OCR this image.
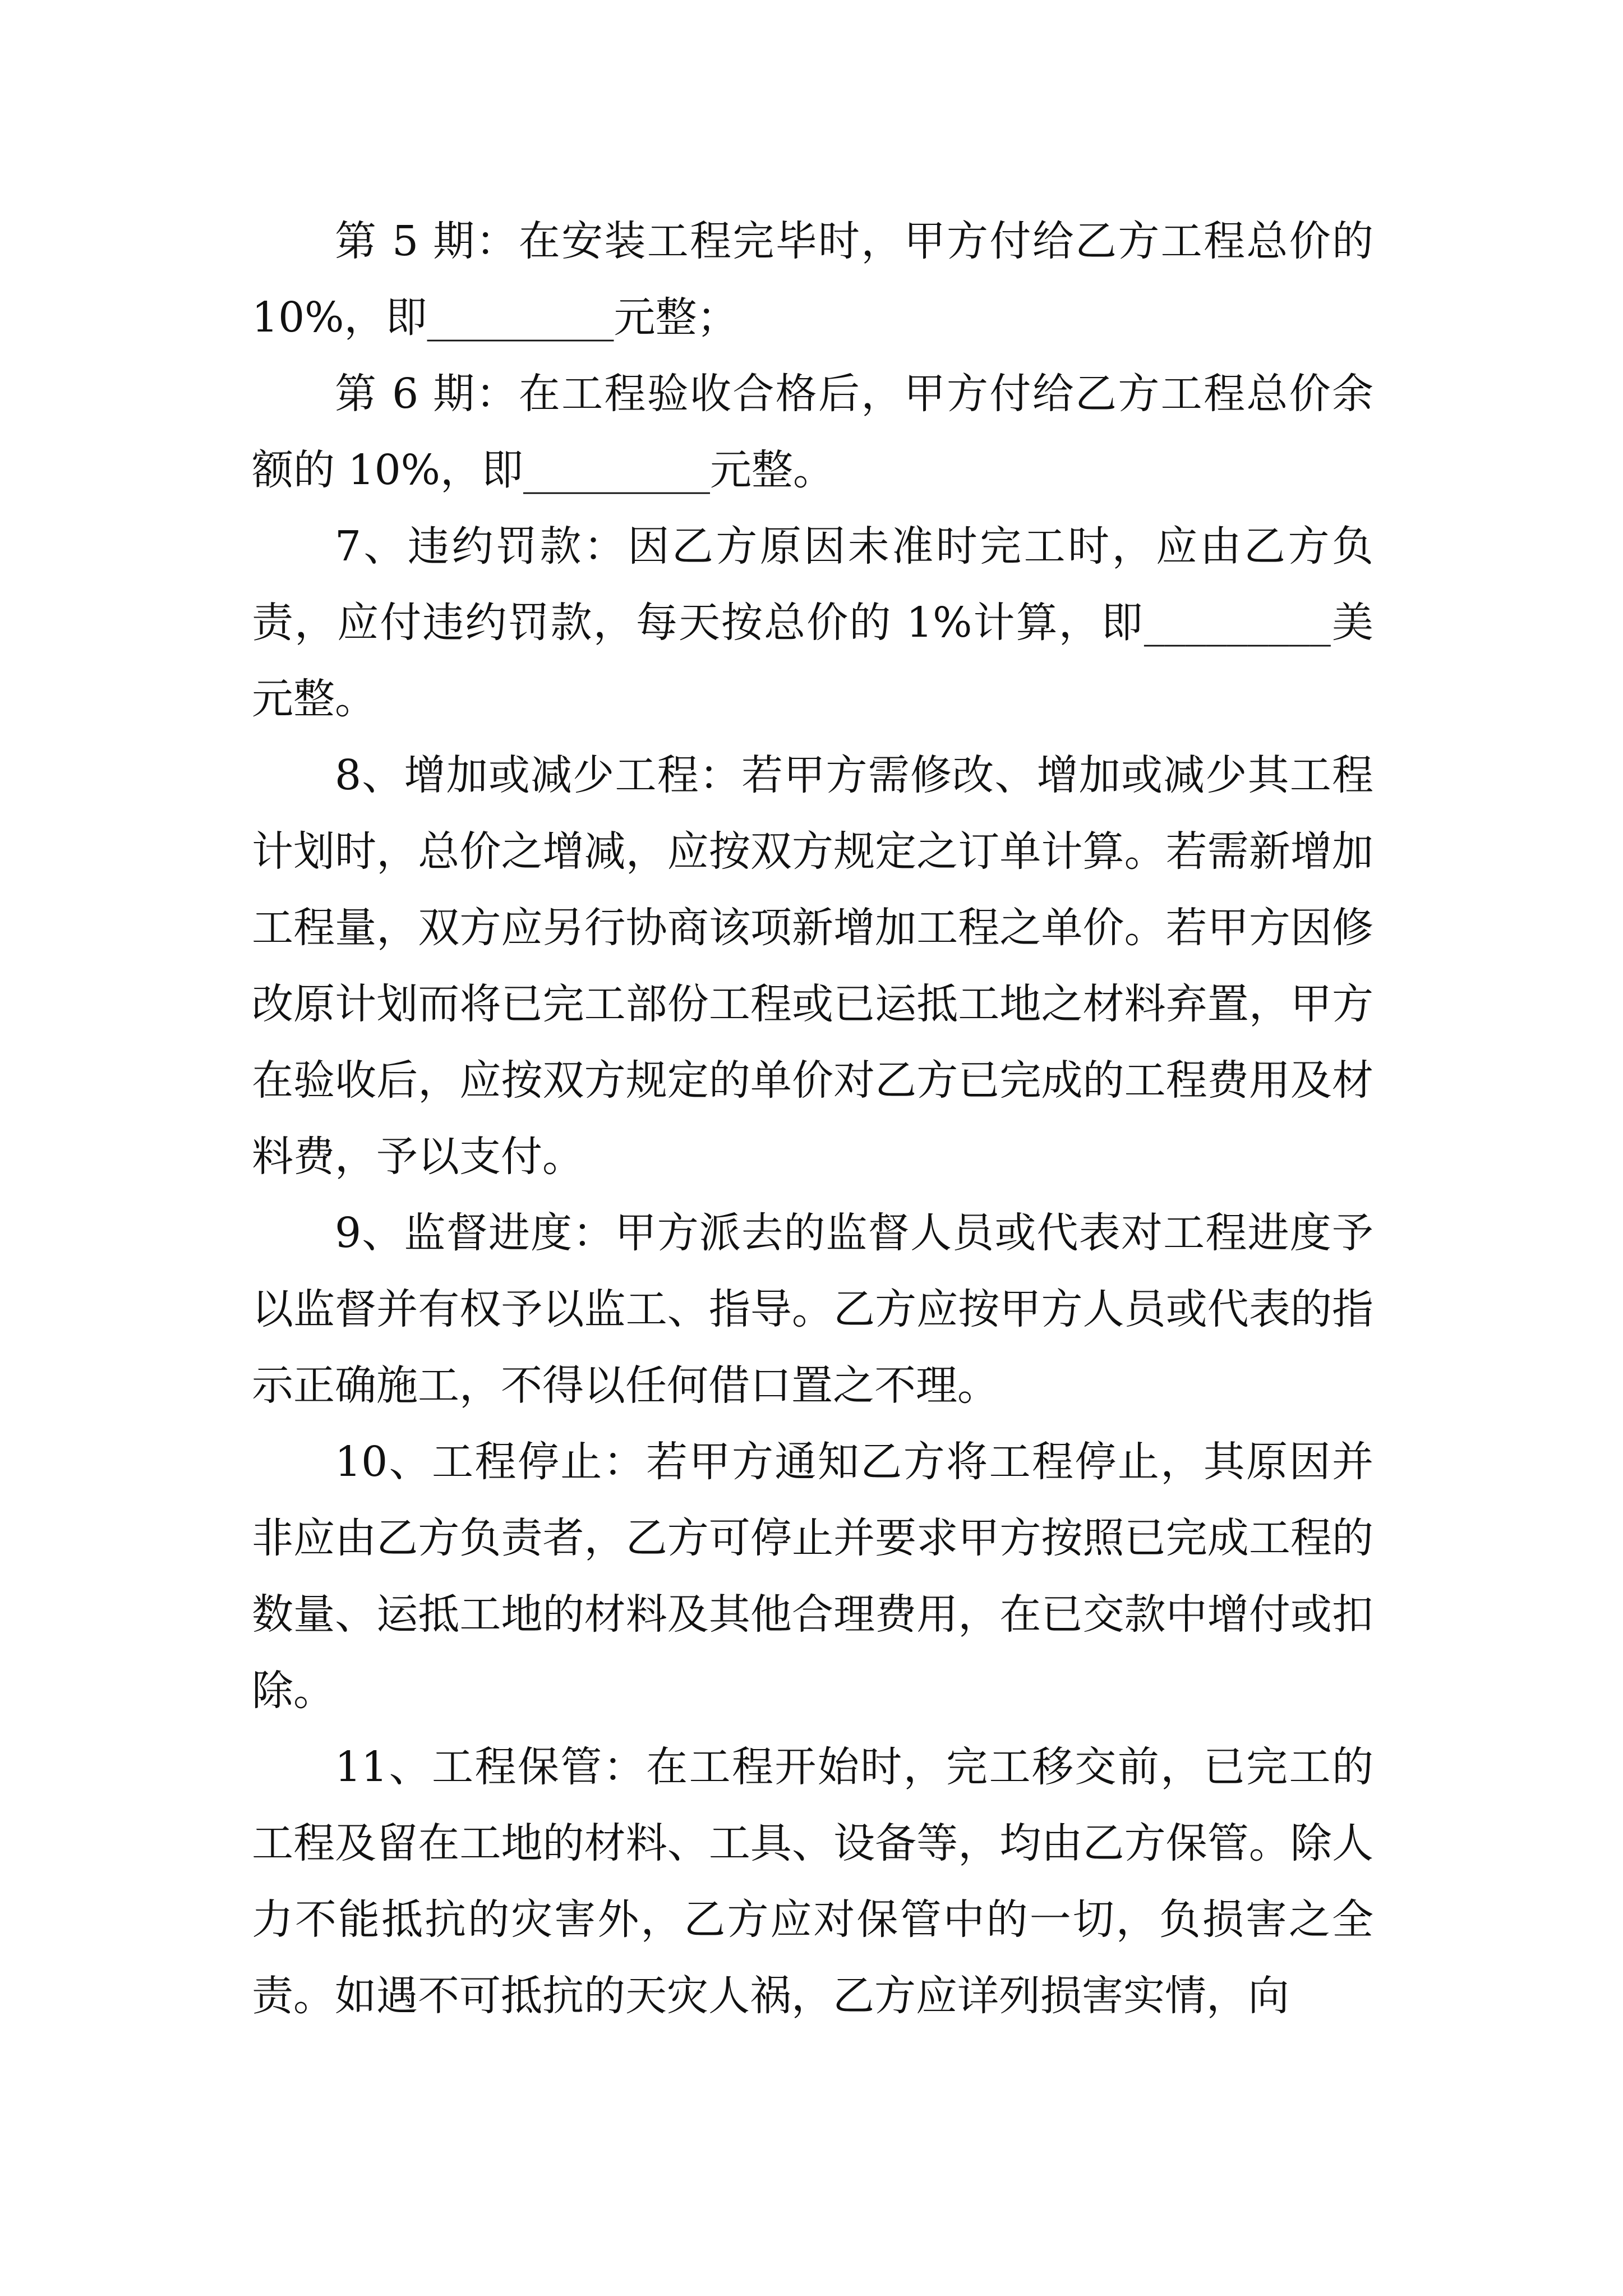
第 5 期：在安装工程完毕时，甲方付给乙方工程总价的 10%，即_________元整；

第 6 期：在工程验收合格后，甲方付给乙方工程总价余额的 10%，即_________元整。

7、违约罚款：因乙方原因未准时完工时，应由乙方负责，应付违约罚款，每天按总价的 1%计算，即_________美元整。

8、增加或减少工程：若甲方需修改、增加或减少其工程计划时，总价之增减，应按双方规定之订单计算。若需新增加工程量，双方应另行协商该项新增加工程之单价。若甲方因修改原计划而将已完工部份工程或已运抵工地之材料弃置，甲方在验收后，应按双方规定的单价对乙方已完成的工程费用及材料费，予以支付。

9、监督进度：甲方派去的监督人员或代表对工程进度予以监督并有权予以监工、指导。乙方应按甲方人员或代表的指示正确施工，不得以任何借口置之不理。

10、工程停止：若甲方通知乙方将工程停止，其原因并非应由乙方负责者，乙方可停止并要求甲方按照已完成工程的数量、运抵工地的材料及其他合理费用，在已交款中增付或扣除。

11、工程保管：在工程开始时，完工移交前，已完工的工程及留在工地的材料、工具、设备等，均由乙方保管。除人力不能抵抗的灾害外，乙方应对保管中的一切，负损害之全责。如遇不可抵抗的天灾人祸，乙方应详列损害实情，向
